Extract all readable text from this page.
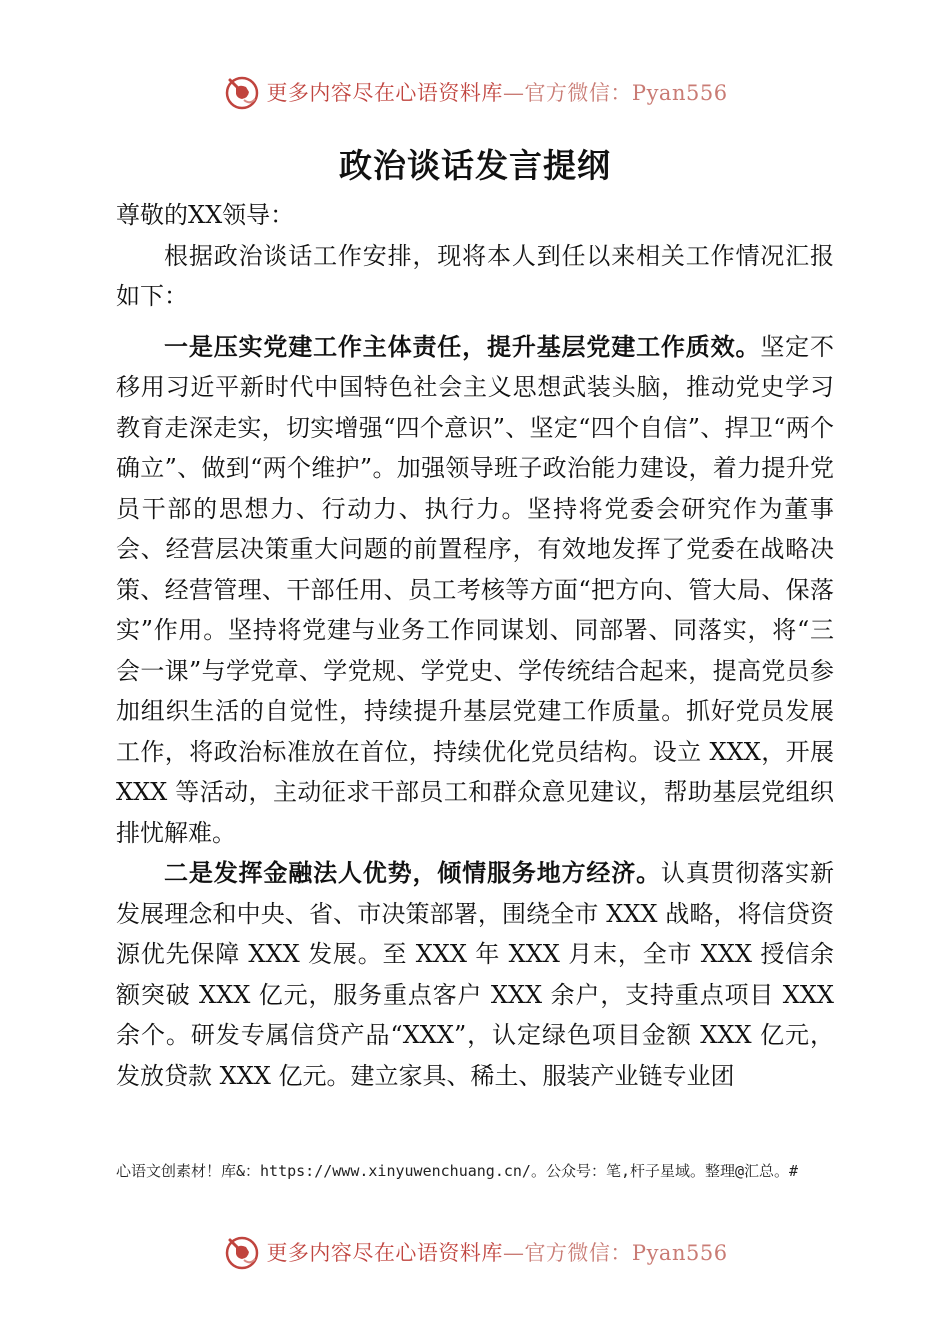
更多内容尽在心语资料库—官方微信：Pyan556
政治谈话发言提纲

尊敬的XX领导：

根据政治谈话工作安排，现将本人到任以来相关工作情况汇报如下：

一是压实党建工作主体责任，提升基层党建工作质效。坚定不移用习近平新时代中国特色社会主义思想武装头脑，推动党史学习教育走深走实，切实增强“四个意识”、坚定“四个自信”、捍卫“两个确立”、做到“两个维护”。加强领导班子政治能力建设，着力提升党员干部的思想力、行动力、执行力。坚持将党委会研究作为董事会、经营层决策重大问题的前置程序，有效地发挥了党委在战略决策、经营管理、干部任用、员工考核等方面“把方向、管大局、保落实”作用。坚持将党建与业务工作同谋划、同部署、同落实，将“三会一课”与学党章、学党规、学党史、学传统结合起来，提高党员参加组织生活的自觉性，持续提升基层党建工作质量。抓好党员发展工作，将政治标准放在首位，持续优化党员结构。设立 XXX，开展 XXX 等活动，主动征求干部员工和群众意见建议，帮助基层党组织排忧解难。

二是发挥金融法人优势，倾情服务地方经济。认真贯彻落实新发展理念和中央、省、市决策部署，围绕全市 XXX 战略，将信贷资源优先保障 XXX 发展。至 XXX 年 XXX 月末，全市 XXX 授信余额突破 XXX 亿元，服务重点客户 XXX 余户，支持重点项目 XXX 余个。研发专属信贷产品“XXX”，认定绿色项目金额 XXX 亿元，发放贷款 XXX 亿元。建立家具、稀土、服装产业链专业团

心语文创素材！库&：https://www.xinyuwenchuang.cn/。公众号：笔,杆子星域。整理@汇总。#
更多内容尽在心语资料库—官方微信：Pyan556
